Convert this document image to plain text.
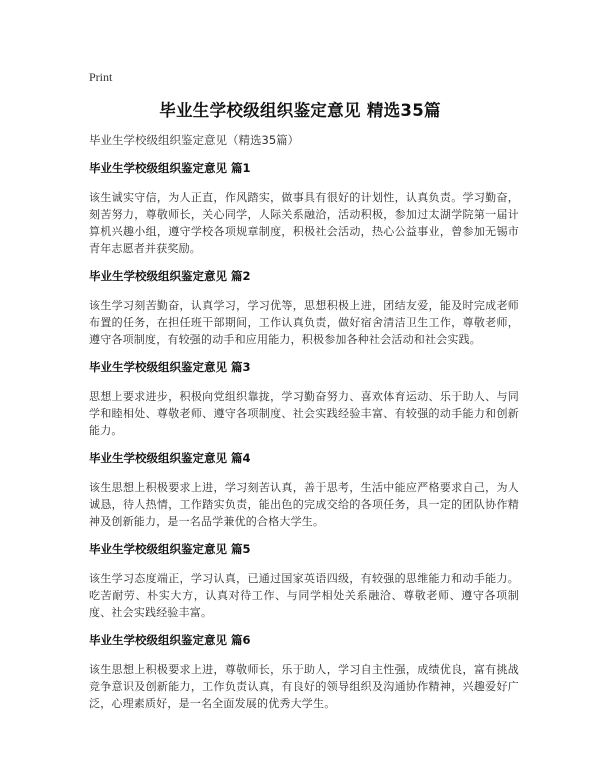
Print
毕业生学校级组织鉴定意见 精选35篇
毕业生学校级组织鉴定意见（精选35篇）
毕业生学校级组织鉴定意见 篇1
该生诚实守信，为人正直，作风踏实，做事具有很好的计划性，认真负责。学习勤奋，刻苦努力，尊敬师长，关心同学，人际关系融洽，活动积极，参加过太湖学院第一届计算机兴趣小组，遵守学校各项规章制度，积极社会活动，热心公益事业，曾参加无锡市青年志愿者并获奖励。
毕业生学校级组织鉴定意见 篇2
该生学习刻苦勤奋，认真学习，学习优等，思想积极上进，团结友爱，能及时完成老师布置的任务，在担任班干部期间，工作认真负责，做好宿舍清洁卫生工作，尊敬老师，遵守各项制度，有较强的动手和应用能力，积极参加各种社会活动和社会实践。
毕业生学校级组织鉴定意见 篇3
思想上要求进步，积极向党组织靠拢，学习勤奋努力、喜欢体育运动、乐于助人、与同学和睦相处、尊敬老师、遵守各项制度、社会实践经验丰富、有较强的动手能力和创新能力。
毕业生学校级组织鉴定意见 篇4
该生思想上积极要求上进，学习刻苦认真，善于思考，生活中能应严格要求自己，为人诚恳，待人热情，工作踏实负责，能出色的完成交给的各项任务，具一定的团队协作精神及创新能力，是一名品学兼优的合格大学生。
毕业生学校级组织鉴定意见 篇5
该生学习态度端正，学习认真，已通过国家英语四级，有较强的思维能力和动手能力。吃苦耐劳、朴实大方，认真对待工作、与同学相处关系融洽、尊敬老师、遵守各项制度、社会实践经验丰富。
毕业生学校级组织鉴定意见 篇6
该生思想上积极要求上进，尊敬师长，乐于助人，学习自主性强，成绩优良，富有挑战竞争意识及创新能力，工作负责认真，有良好的领导组织及沟通协作精神，兴趣爱好广泛，心理素质好，是一名全面发展的优秀大学生。
